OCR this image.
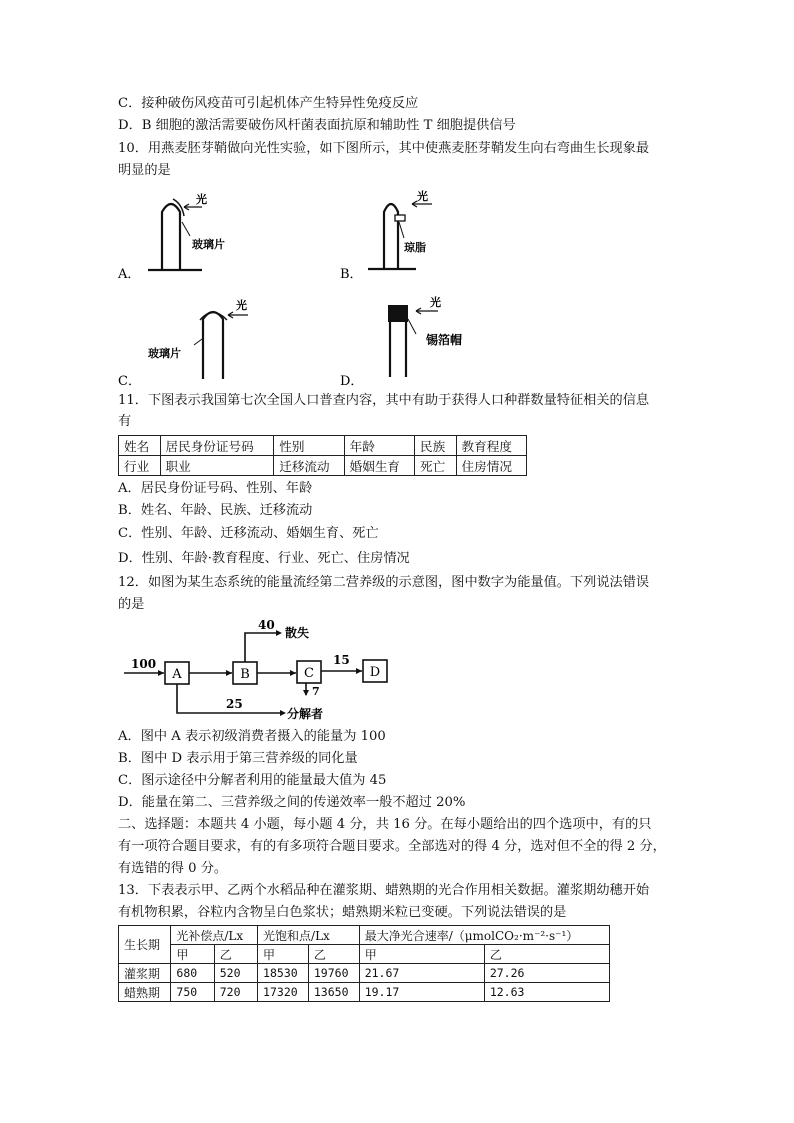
C．接种破伤风疫苗可引起机体产生特异性免疫反应
D．B 细胞的激活需要破伤风杆菌表面抗原和辅助性 T 细胞提供信号
10．用燕麦胚芽鞘做向光性实验，如下图所示，其中使燕麦胚芽鞘发生向右弯曲生长现象最
明显的是
A．
光
玻璃片
B．
光
琼脂
C．
光
玻璃片
D．
光
锡箔帽
11．下图表示我国第七次全国人口普查内容，其中有助于获得人口种群数量特征相关的信息
有
姓名	居民身份证号码	性别	年龄	民族	教育程度
行业	职业	迁移流动	婚姻生育	死亡	住房情况
A．居民身份证号码、性别、年龄
B．姓名、年龄、民族、迁移流动
C．性别、年龄、迁移流动、婚姻生育、死亡
D．性别、年龄·教育程度、行业、死亡、住房情况
12．如图为某生态系统的能量流经第二营养级的示意图，图中数字为能量值。下列说法错误
的是
100
A	B
40
散失
C
15
D
7
25
分解者
A．图中 A 表示初级消费者摄入的能量为 100
B．图中 D 表示用于第三营养级的同化量
C．图示途径中分解者利用的能量最大值为 45
D．能量在第二、三营养级之间的传递效率一般不超过 20%
二、选择题：本题共 4 小题，每小题 4 分，共 16 分。在每小题给出的四个选项中，有的只
有一项符合题目要求，有的有多项符合题目要求。全部选对的得 4 分，选对但不全的得 2 分，
有选错的得 0 分。
13．下表表示甲、乙两个水稻品种在灌浆期、蜡熟期的光合作用相关数据。灌浆期幼穗开始
有机物积累，谷粒内含物呈白色浆状；蜡熟期米粒已变硬。下列说法错误的是
生长期	光补偿点/Lx		光饱和点/Lx		最大净光合速率/（μmolCO₂·m⁻²·s⁻¹）	
	甲	乙	甲	乙	甲	乙
灌浆期	680	520	18530	19760	21.67	27.26
蜡熟期	750	720	17320	13650	19.17	12.63
